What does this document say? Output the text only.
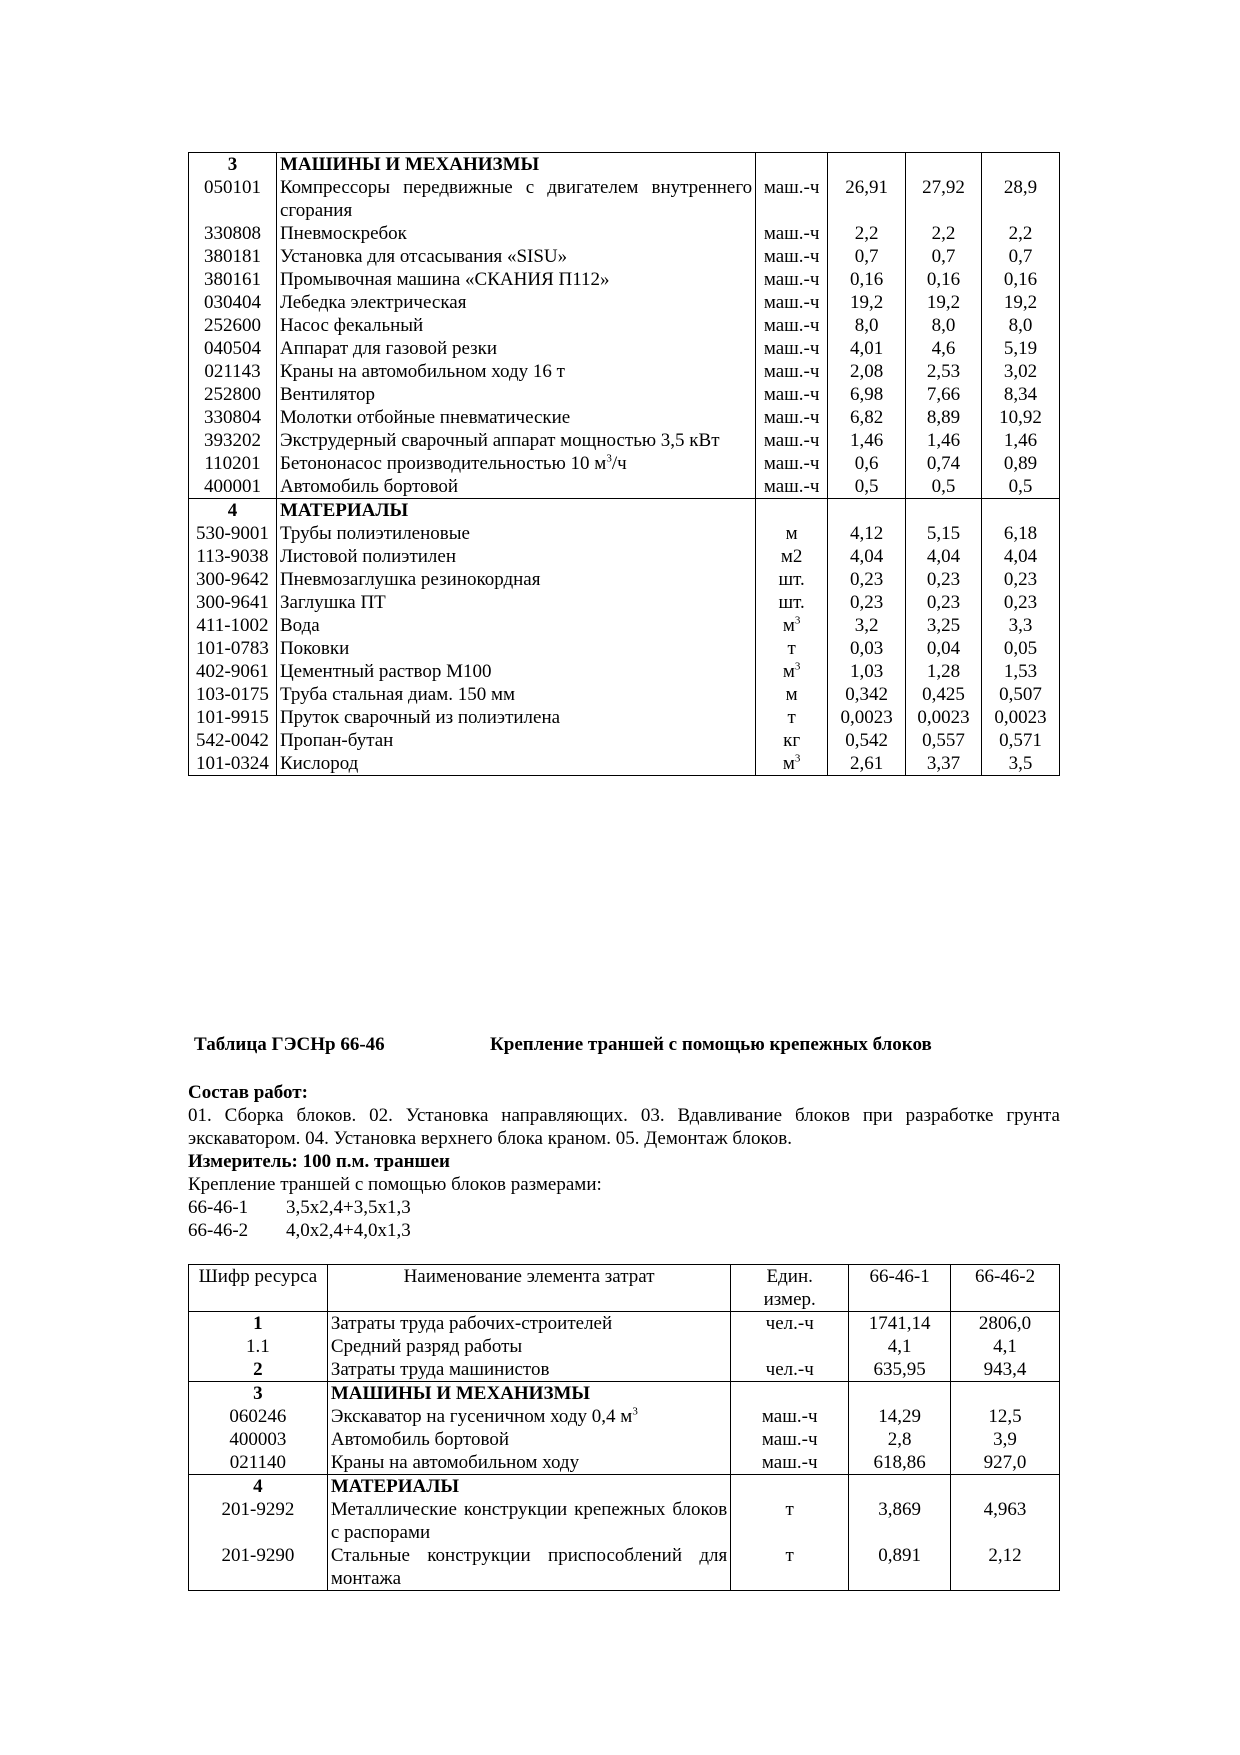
3	МАШИНЫ И МЕХАНИЗМЫ				
050101	Компрессоры передвижные с двигателем внутреннего сгорания	маш.-ч	26,91	27,92	28,9
330808	Пневмоскребок	маш.-ч	2,2	2,2	2,2
380181	Установка для отсасывания «SISU»	маш.-ч	0,7	0,7	0,7
380161	Промывочная машина «СКАНИЯ П112»	маш.-ч	0,16	0,16	0,16
030404	Лебедка электрическая	маш.-ч	19,2	19,2	19,2
252600	Насос фекальный	маш.-ч	8,0	8,0	8,0
040504	Аппарат для газовой резки	маш.-ч	4,01	4,6	5,19
021143	Краны на автомобильном ходу 16 т	маш.-ч	2,08	2,53	3,02
252800	Вентилятор	маш.-ч	6,98	7,66	8,34
330804	Молотки отбойные пневматические	маш.-ч	6,82	8,89	10,92
393202	Экструдерный сварочный аппарат мощностью 3,5 кВт	маш.-ч	1,46	1,46	1,46
110201	Бетононасос производительностью 10 $м^3/ч$	маш.-ч	0,6	0,74	0,89
400001	Автомобиль бортовой	маш.-ч	0,5	0,5	0,5
4	МАТЕРИАЛЫ				
530-9001	Трубы полиэтиленовые	м	4,12	5,15	6,18
113-9038	Листовой полиэтилен	м2	4,04	4,04	4,04
300-9642	Пневмозаглушка резинокордная	шт.	0,23	0,23	0,23
300-9641	Заглушка ПТ	шт.	0,23	0,23	0,23
411-1002	Вода	$м^3$	3,2	3,25	3,3
101-0783	Поковки	т	0,03	0,04	0,05
402-9061	Цементный раствор М100	$м^3$	1,03	1,28	1,53
103-0175	Труба стальная диам. 150 мм	м	0,342	0,425	0,507
101-9915	Пруток сварочный из полиэтилена	т	0,0023	0,0023	0,0023
542-0042	Пропан-бутан	кг	0,542	0,557	0,571
101-0324	Кислород	$м^3$	2,61	3,37	3,5
Таблица ГЭСНр 66-46	Крепление траншей с помощью крепежных блоков
Состав работ:
01. Сборка блоков. 02. Установка направляющих. 03. Вдавливание блоков при разработке грунта экскаватором. 04. Установка верхнего блока краном. 05. Демонтаж блоков.
Измеритель: 100 п.м. траншеи
Крепление траншей с помощью блоков размерами:
66-46-1 3,5х2,4+3,5х1,3
66-46-2 4,0х2,4+4,0х1,3
Шифр ресурса	Наименование элемента затрат	Един. измер.	66-46-1	66-46-2
1	Затраты труда рабочих-строителей	чел.-ч	1741,14	2806,0
1.1	Средний разряд работы		4,1	4,1
2	Затраты труда машинистов	чел.-ч	635,95	943,4
3	МАШИНЫ И МЕХАНИЗМЫ			
060246	Экскаватор на гусеничном ходу 0,4 $м^3$	маш.-ч	14,29	12,5
400003	Автомобиль бортовой	маш.-ч	2,8	3,9
021140	Краны на автомобильном ходу	маш.-ч	618,86	927,0
4	МАТЕРИАЛЫ			
201-9292	Металлические конструкции крепежных блоков с распорами	т	3,869	4,963
201-9290	Стальные конструкции приспособлений для монтажа	т	0,891	2,12
